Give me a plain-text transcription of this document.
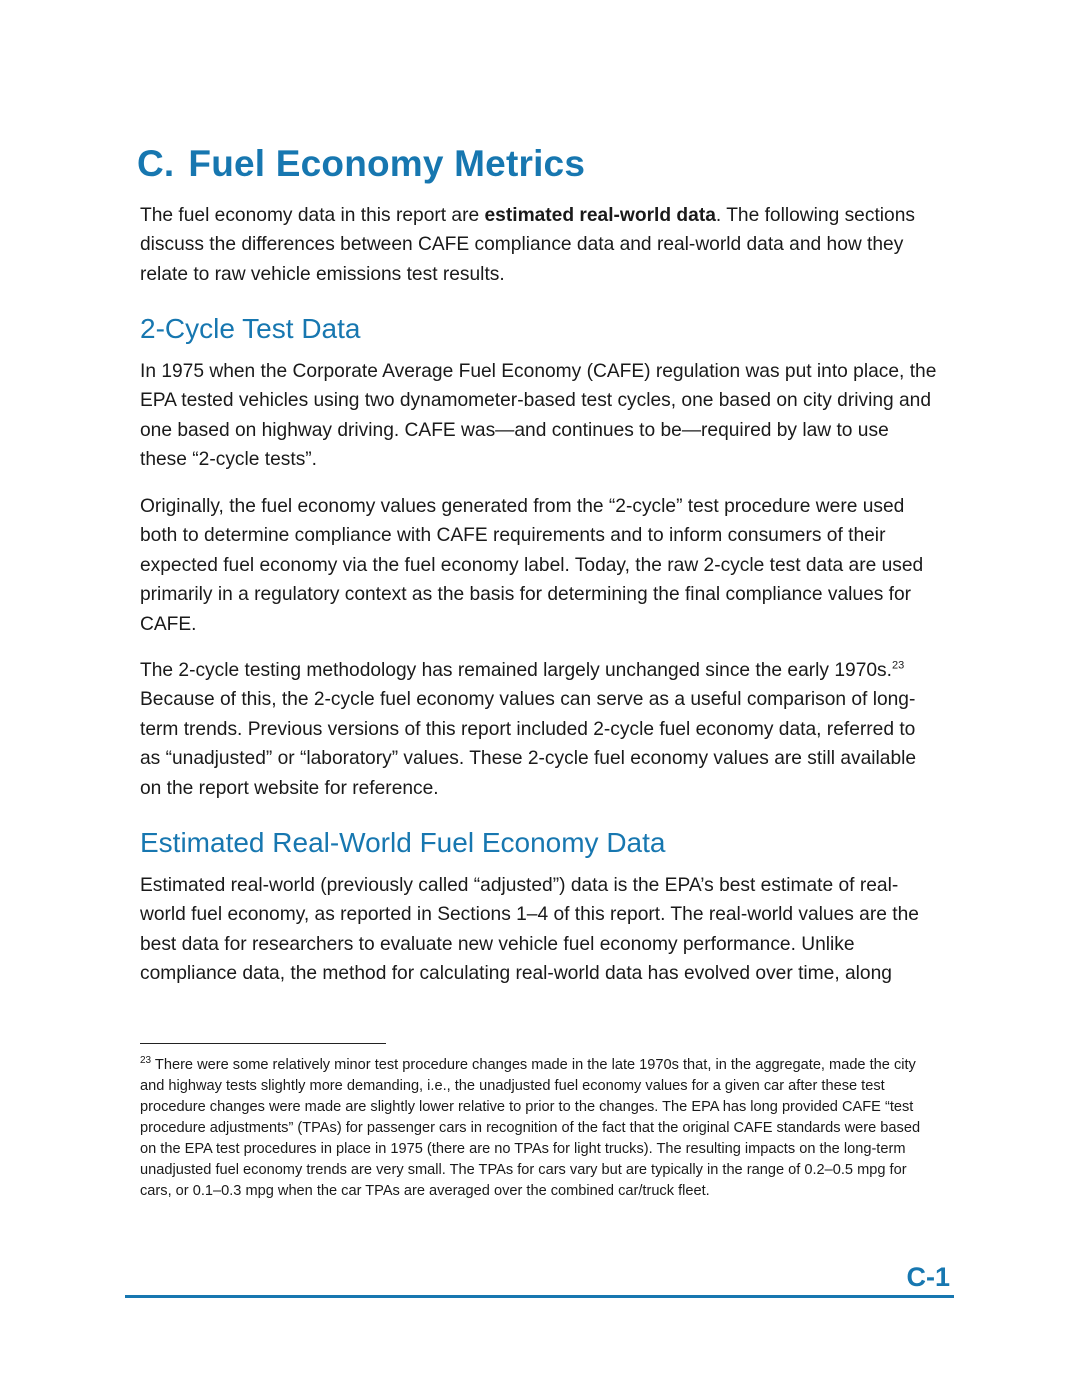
C. Fuel Economy Metrics

The fuel economy data in this report are estimated real-world data. The following sections discuss the differences between CAFE compliance data and real-world data and how they relate to raw vehicle emissions test results.

2-Cycle Test Data

In 1975 when the Corporate Average Fuel Economy (CAFE) regulation was put into place, the EPA tested vehicles using two dynamometer-based test cycles, one based on city driving and one based on highway driving. CAFE was—and continues to be—required by law to use these “2-cycle tests”.

Originally, the fuel economy values generated from the “2-cycle” test procedure were used both to determine compliance with CAFE requirements and to inform consumers of their expected fuel economy via the fuel economy label. Today, the raw 2-cycle test data are used primarily in a regulatory context as the basis for determining the final compliance values for CAFE.

The 2-cycle testing methodology has remained largely unchanged since the early 1970s.$^{23}$ Because of this, the 2-cycle fuel economy values can serve as a useful comparison of long-term trends. Previous versions of this report included 2-cycle fuel economy data, referred to as “unadjusted” or “laboratory” values. These 2-cycle fuel economy values are still available on the report website for reference.

Estimated Real-World Fuel Economy Data

Estimated real-world (previously called “adjusted”) data is the EPA’s best estimate of real-world fuel economy, as reported in Sections 1–4 of this report. The real-world values are the best data for researchers to evaluate new vehicle fuel economy performance. Unlike compliance data, the method for calculating real-world data has evolved over time, along

$^{23}$ There were some relatively minor test procedure changes made in the late 1970s that, in the aggregate, made the city and highway tests slightly more demanding, i.e., the unadjusted fuel economy values for a given car after these test procedure changes were made are slightly lower relative to prior to the changes. The EPA has long provided CAFE “test procedure adjustments” (TPAs) for passenger cars in recognition of the fact that the original CAFE standards were based on the EPA test procedures in place in 1975 (there are no TPAs for light trucks). The resulting impacts on the long-term unadjusted fuel economy trends are very small. The TPAs for cars vary but are typically in the range of 0.2–0.5 mpg for cars, or 0.1–0.3 mpg when the car TPAs are averaged over the combined car/truck fleet.

C-1
